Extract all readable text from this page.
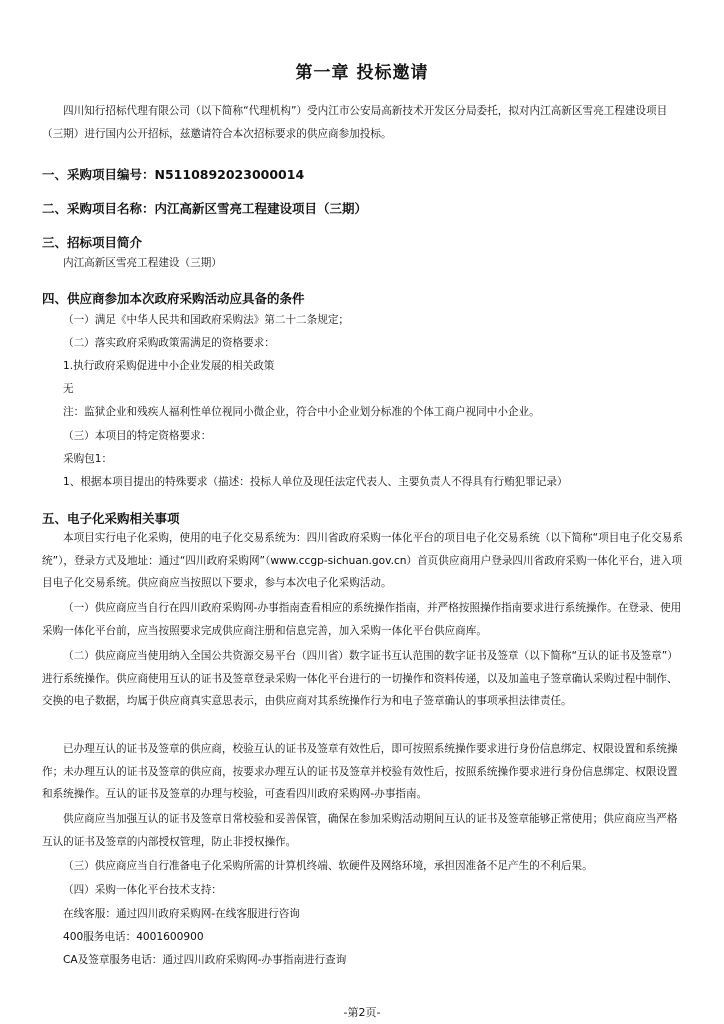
第一章 投标邀请

四川知行招标代理有限公司（以下简称“代理机构”）受内江市公安局高新技术开发区分局委托，拟对内江高新区雪亮工程建设项目（三期）进行国内公开招标，兹邀请符合本次招标要求的供应商参加投标。

一、采购项目编号：N5110892023000014
二、采购项目名称：内江高新区雪亮工程建设项目（三期）
三、招标项目简介
内江高新区雪亮工程建设（三期）
四、供应商参加本次政府采购活动应具备的条件
（一）满足《中华人民共和国政府采购法》第二十二条规定；
（二）落实政府采购政策需满足的资格要求：
1.执行政府采购促进中小企业发展的相关政策
无
注：监狱企业和残疾人福利性单位视同小微企业，符合中小企业划分标准的个体工商户视同中小企业。
（三）本项目的特定资格要求：
采购包1：
1、根据本项目提出的特殊要求（描述：投标人单位及现任法定代表人、主要负责人不得具有行贿犯罪记录）
五、电子化采购相关事项

本项目实行电子化采购，使用的电子化交易系统为：四川省政府采购一体化平台的项目电子化交易系统（以下简称“项目电子化交易系统”），登录方式及地址：通过“四川政府采购网”（www.ccgp-sichuan.gov.cn）首页供应商用户登录四川省政府采购一体化平台，进入项目电子化交易系统。供应商应当按照以下要求，参与本次电子化采购活动。

（一）供应商应当自行在四川政府采购网-办事指南查看相应的系统操作指南，并严格按照操作指南要求进行系统操作。在登录、使用采购一体化平台前，应当按照要求完成供应商注册和信息完善，加入采购一体化平台供应商库。

（二）供应商应当使用纳入全国公共资源交易平台（四川省）数字证书互认范围的数字证书及签章（以下简称“互认的证书及签章”）进行系统操作。供应商使用互认的证书及签章登录采购一体化平台进行的一切操作和资料传递，以及加盖电子签章确认采购过程中制作、交换的电子数据，均属于供应商真实意思表示，由供应商对其系统操作行为和电子签章确认的事项承担法律责任。

已办理互认的证书及签章的供应商，校验互认的证书及签章有效性后，即可按照系统操作要求进行身份信息绑定、权限设置和系统操作；未办理互认的证书及签章的供应商，按要求办理互认的证书及签章并校验有效性后，按照系统操作要求进行身份信息绑定、权限设置和系统操作。互认的证书及签章的办理与校验，可查看四川政府采购网-办事指南。

供应商应当加强互认的证书及签章日常校验和妥善保管，确保在参加采购活动期间互认的证书及签章能够正常使用；供应商应当严格互认的证书及签章的内部授权管理，防止非授权操作。

（三）供应商应当自行准备电子化采购所需的计算机终端、软硬件及网络环境，承担因准备不足产生的不利后果。

（四）采购一体化平台技术支持：
在线客服：通过四川政府采购网-在线客服进行咨询
400服务电话：4001600900
CA及签章服务电话：通过四川政府采购网-办事指南进行查询
-第2页-
